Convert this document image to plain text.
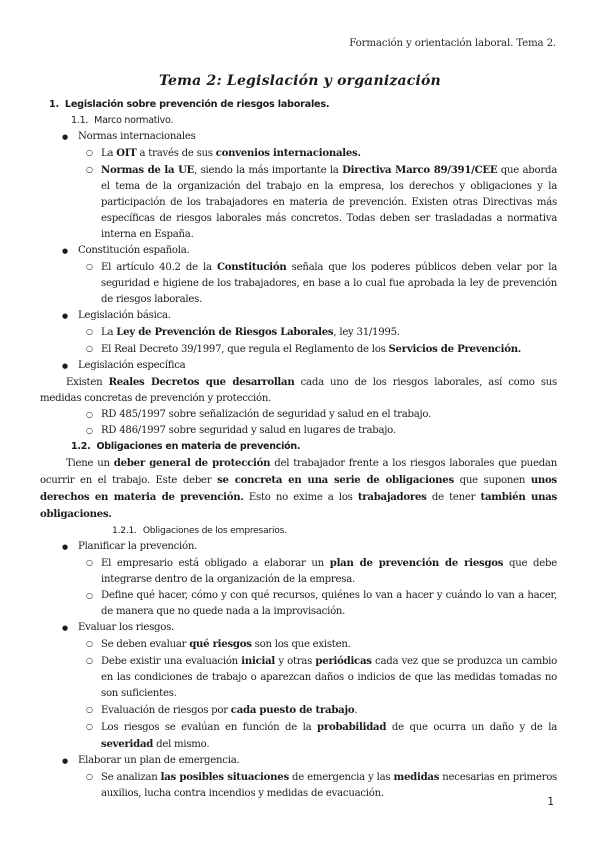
Formación y orientación laboral. Tema 2.
Tema 2: Legislación y organización

1. Legislación sobre prevención de riesgos laborales.

1.1. Marco normativo.

● Normas internacionales

○ La OIT a través de sus convenios internacionales.

○ Normas de la UE, siendo la más importante la Directiva Marco 89/391/CEE que aborda el tema de la organización del trabajo en la empresa, los derechos y obligaciones y la participación de los trabajadores en materia de prevención. Existen otras Directivas más específicas de riesgos laborales más concretos. Todas deben ser trasladadas a normativa interna en España.

● Constitución española.

○ El artículo 40.2 de la Constitución señala que los poderes públicos deben velar por la seguridad e higiene de los trabajadores, en base a lo cual fue aprobada la ley de prevención de riesgos laborales.

● Legislación básica.

○ La Ley de Prevención de Riesgos Laborales, ley 31/1995.

○ El Real Decreto 39/1997, que regula el Reglamento de los Servicios de Prevención.

● Legislación específica

Existen Reales Decretos que desarrollan cada uno de los riesgos laborales, así como sus medidas concretas de prevención y protección.

○ RD 485/1997 sobre señalización de seguridad y salud en el trabajo.

○ RD 486/1997 sobre seguridad y salud en lugares de trabajo.

1.2. Obligaciones en materia de prevención.

Tiene un deber general de protección del trabajador frente a los riesgos laborales que puedan ocurrir en el trabajo. Este deber se concreta en una serie de obligaciones que suponen unos derechos en materia de prevención. Esto no exime a los trabajadores de tener también unas obligaciones.

1.2.1. Obligaciones de los empresarios.

● Planificar la prevención.

○ El empresario está obligado a elaborar un plan de prevención de riesgos que debe integrarse dentro de la organización de la empresa.

○ Define qué hacer, cómo y con qué recursos, quiénes lo van a hacer y cuándo lo van a hacer, de manera que no quede nada a la improvisación.

● Evaluar los riesgos.

○ Se deben evaluar qué riesgos son los que existen.

○ Debe existir una evaluación inicial y otras periódicas cada vez que se produzca un cambio en las condiciones de trabajo o aparezcan daños o indicios de que las medidas tomadas no son suficientes.

○ Evaluación de riesgos por cada puesto de trabajo.

○ Los riesgos se evalúan en función de la probabilidad de que ocurra un daño y de la severidad del mismo.

● Elaborar un plan de emergencia.

○ Se analizan las posibles situaciones de emergencia y las medidas necesarias en primeros auxilios, lucha contra incendios y medidas de evacuación.

1
